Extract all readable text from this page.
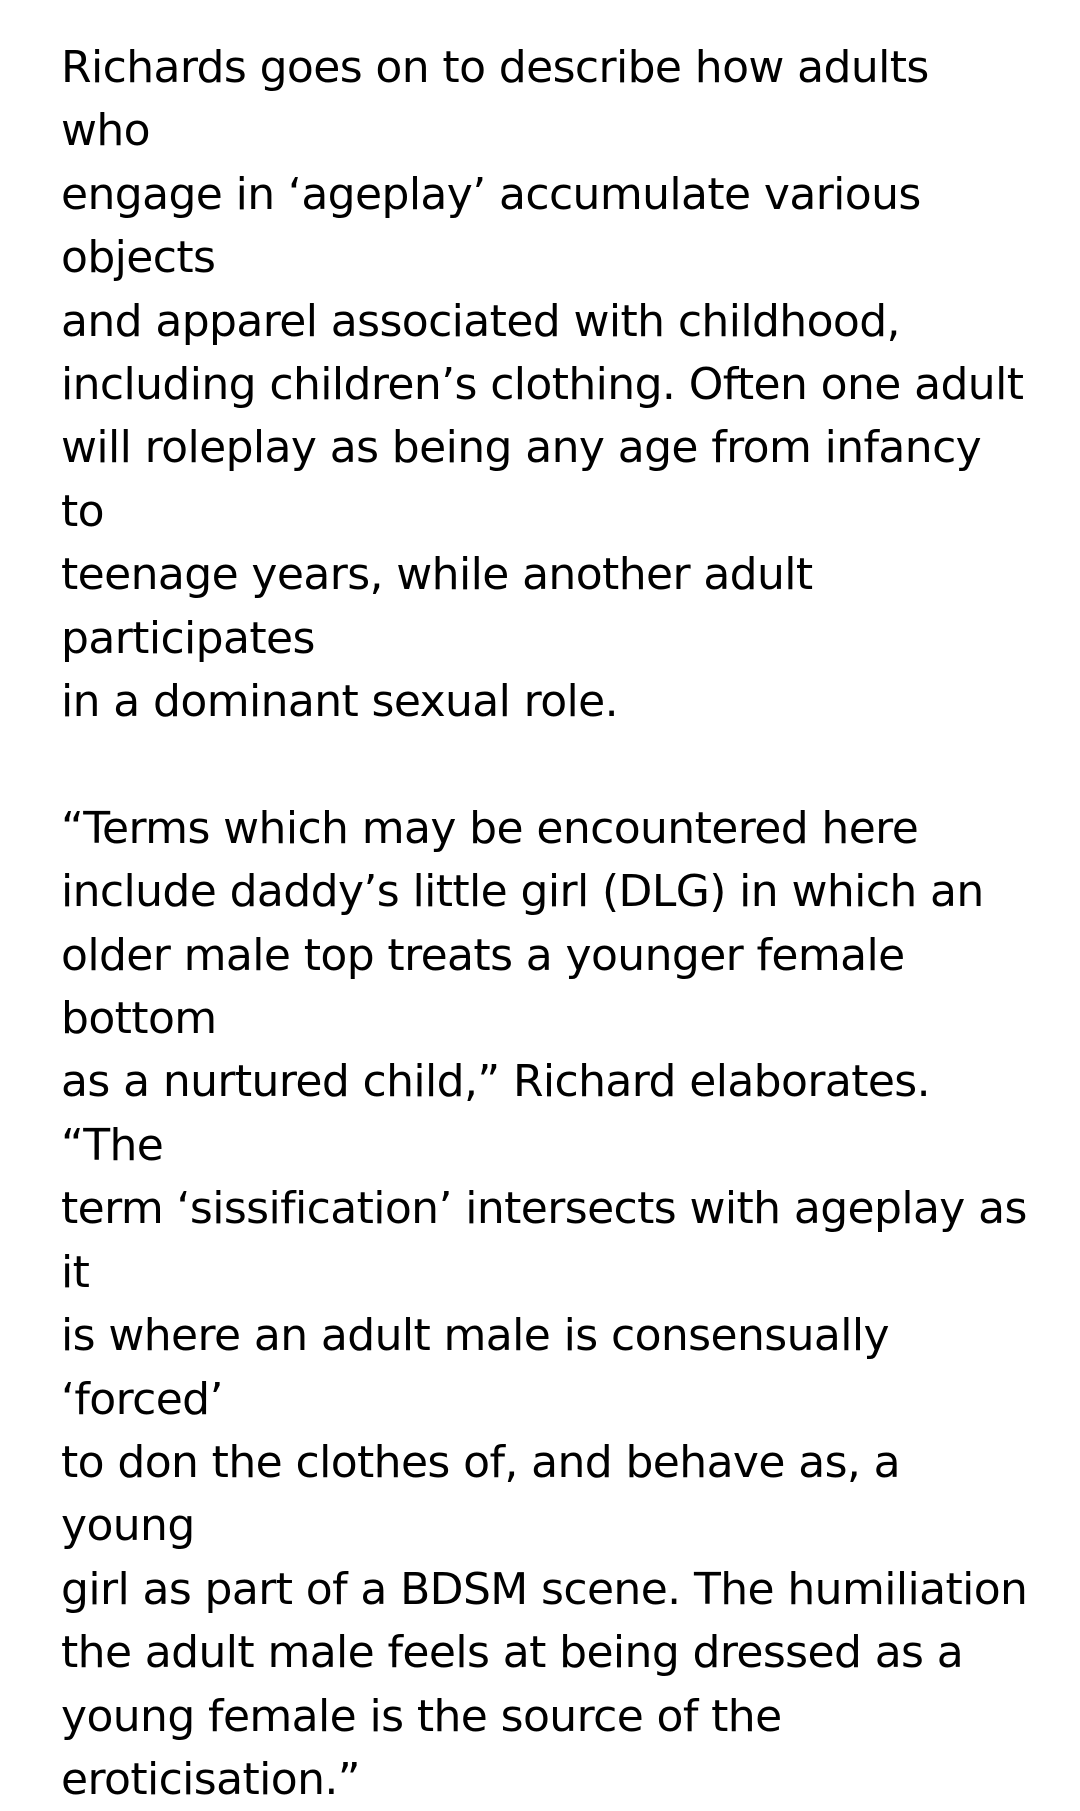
Richards goes on to describe how adults who
engage in ‘ageplay’ accumulate various objects
and apparel associated with childhood,
including children’s clothing. Often one adult
will roleplay as being any age from infancy to
teenage years, while another adult participates
in a dominant sexual role.

“Terms which may be encountered here
include daddy’s little girl (DLG) in which an
older male top treats a younger female bottom
as a nurtured child,” Richard elaborates. “The
term ‘sissification’ intersects with ageplay as it
is where an adult male is consensually ‘forced’
to don the clothes of, and behave as, a young
girl as part of a BDSM scene. The humiliation
the adult male feels at being dressed as a
young female is the source of the
eroticisation.”
